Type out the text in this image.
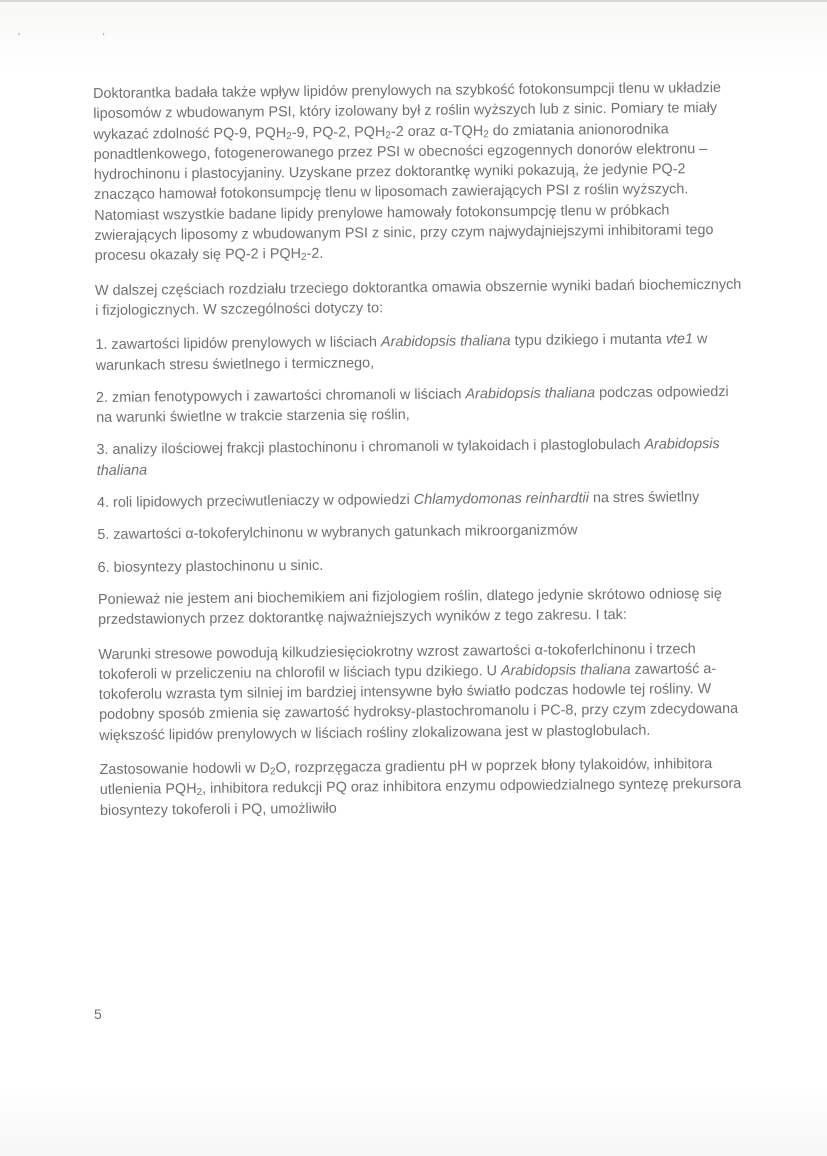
' '

Doktorantka badała także wpływ lipidów prenylowych na szybkość fotokonsumpcji tlenu w układzie liposomów z wbudowanym PSI, który izolowany był z roślin wyższych lub z sinic. Pomiary te miały wykazać zdolność PQ-9, $PQH_2-9$, PQ-2, $PQH_2-2$ oraz $\alpha-TQH_2$ do zmiatania anionorodnika ponadtlenkowego, fotogenerowanego przez PSI w obecności egzogennych donorów elektronu – hydrochinonu i plastocyjaniny. Uzyskane przez doktorantkę wyniki pokazują, że jedynie PQ-2 znacząco hamował fotokonsumpcję tlenu w liposomach zawierających PSI z roślin wyższych. Natomiast wszystkie badane lipidy prenylowe hamowały fotokonsumpcję tlenu w próbkach zwierających liposomy z wbudowanym PSI z sinic, przy czym najwydajniejszymi inhibitorami tego procesu okazały się PQ-2 i $PQH_2-2$.

W dalszej częściach rozdziału trzeciego doktorantka omawia obszernie wyniki badań biochemicznych i fizjologicznych. W szczególności dotyczy to:

1. zawartości lipidów prenylowych w liściach Arabidopsis thaliana typu dzikiego i mutanta vte1 w warunkach stresu świetlnego i termicznego,

2. zmian fenotypowych i zawartości chromanoli w liściach Arabidopsis thaliana podczas odpowiedzi na warunki świetlne w trakcie starzenia się roślin,

3. analizy ilościowej frakcji plastochinonu i chromanoli w tylakoidach i plastoglobulach Arabidopsis thaliana

4. roli lipidowych przeciwutleniaczy w odpowiedzi Chlamydomonas reinhardtii na stres świetlny

5. zawartości α-tokoferylchinonu w wybranych gatunkach mikroorganizmów

6. biosyntezy plastochinonu u sinic.

Ponieważ nie jestem ani biochemikiem ani fizjologiem roślin, dlatego jedynie skrótowo odniosę się przedstawionych przez doktorantkę najważniejszych wyników z tego zakresu. I tak:

Warunki stresowe powodują kilkudziesięciokrotny wzrost zawartości α-tokoferlchinonu i trzech tokoferoli w przeliczeniu na chlorofil w liściach typu dzikiego. U Arabidopsis thaliana zawartość a-tokoferolu wzrasta tym silniej im bardziej intensywne było światło podczas hodowle tej rośliny. W podobny sposób zmienia się zawartość hydroksy-plastochromanolu i PC-8, przy czym zdecydowana większość lipidów prenylowych w liściach rośliny zlokalizowana jest w plastoglobulach.

Zastosowanie hodowli w $D_2O$, rozprzęgacza gradientu pH w poprzek błony tylakoidów, inhibitora utlenienia $PQH_2$, inhibitora redukcji PQ oraz inhibitora enzymu odpowiedzialnego syntezę prekursora biosyntezy tokoferoli i PQ, umożliwiło

5
